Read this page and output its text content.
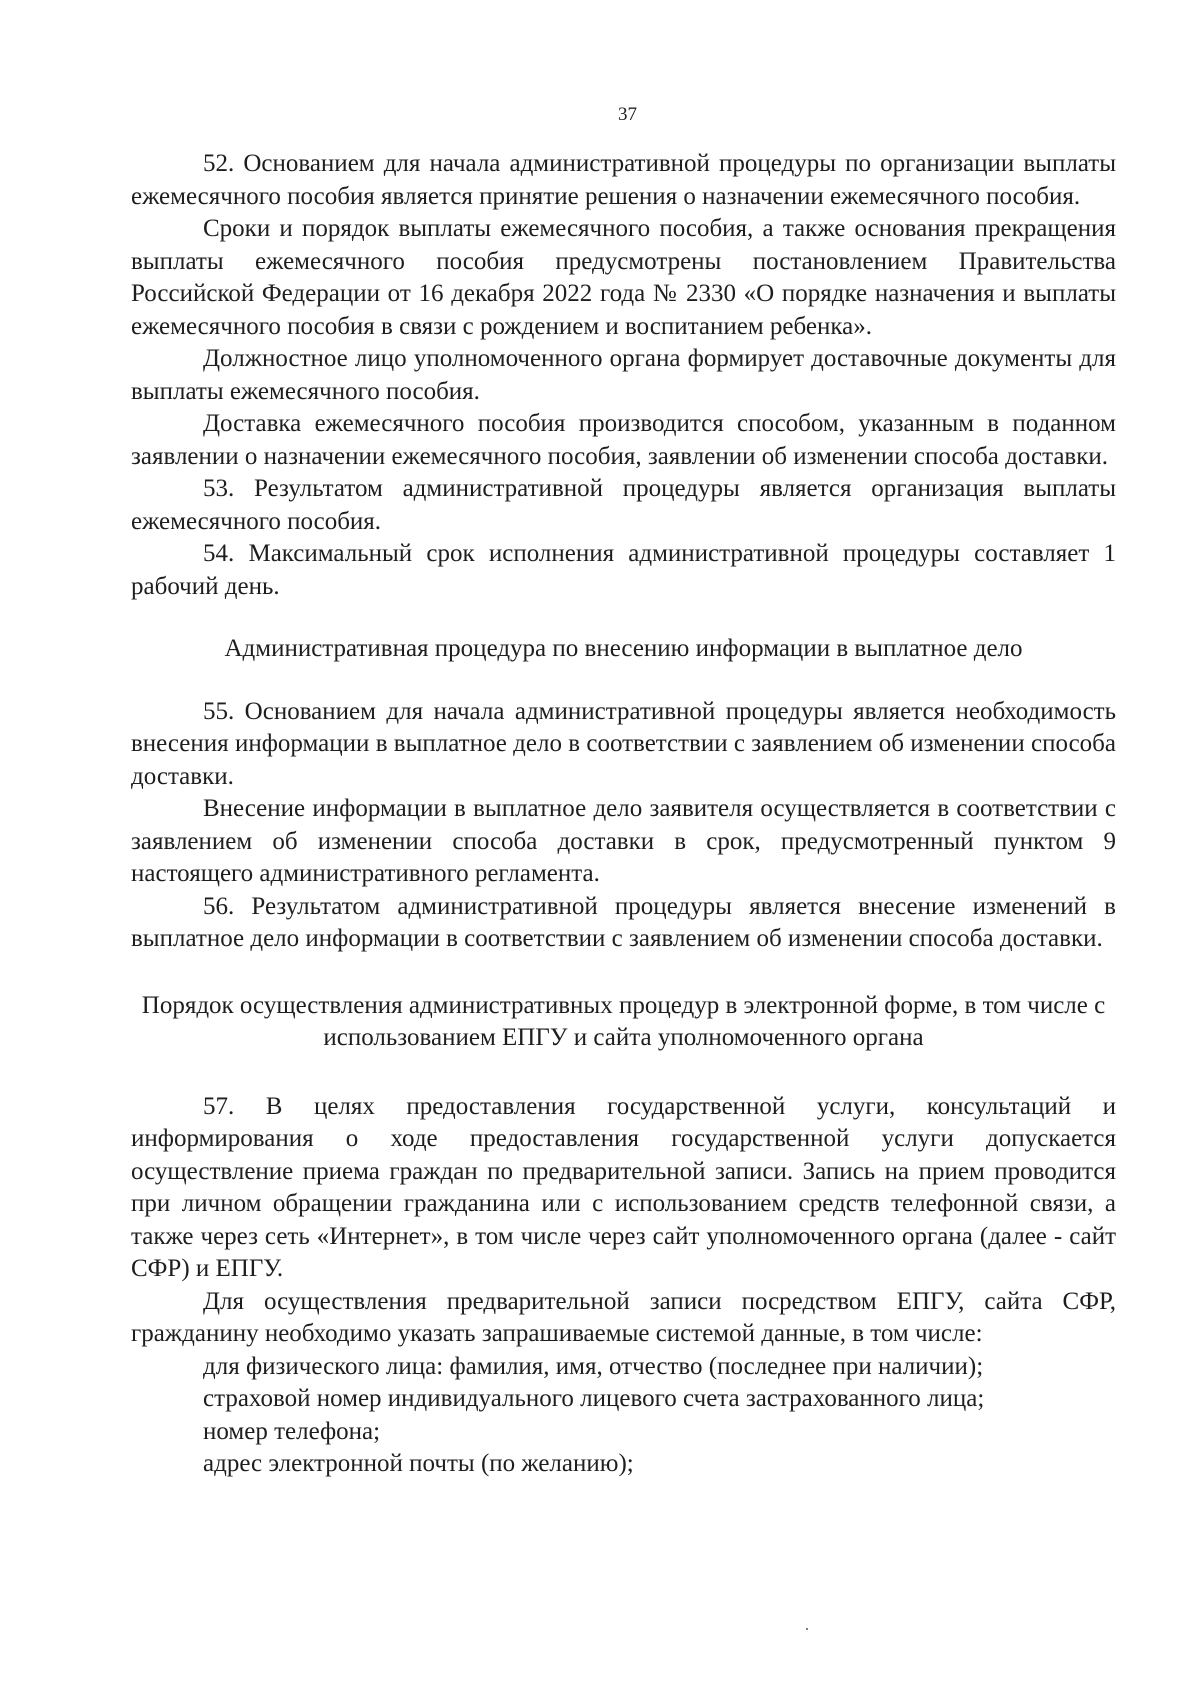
37

52. Основанием для начала административной процедуры по организации выплаты ежемесячного пособия является принятие решения о назначении ежемесячного пособия.

Сроки и порядок выплаты ежемесячного пособия, а также основания прекращения выплаты ежемесячного пособия предусмотрены постановлением Правительства Российской Федерации от 16 декабря 2022 года № 2330 «О порядке назначения и выплаты ежемесячного пособия в связи с рождением и воспитанием ребенка».

Должностное лицо уполномоченного органа формирует доставочные документы для выплаты ежемесячного пособия.

Доставка ежемесячного пособия производится способом, указанным в поданном заявлении о назначении ежемесячного пособия, заявлении об изменении способа доставки.

53. Результатом административной процедуры является организация выплаты ежемесячного пособия.

54. Максимальный срок исполнения административной процедуры составляет 1 рабочий день.

Административная процедура по внесению информации в выплатное дело

55. Основанием для начала административной процедуры является необходимость внесения информации в выплатное дело в соответствии с заявлением об изменении способа доставки.

Внесение информации в выплатное дело заявителя осуществляется в соответствии с заявлением об изменении способа доставки в срок, предусмотренный пунктом 9 настоящего административного регламента.

56. Результатом административной процедуры является внесение изменений в выплатное дело информации в соответствии с заявлением об изменении способа доставки.

Порядок осуществления административных процедур в электронной форме, в том числе с использованием ЕПГУ и сайта уполномоченного органа

57. В целях предоставления государственной услуги, консультаций и информирования о ходе предоставления государственной услуги допускается осуществление приема граждан по предварительной записи. Запись на прием проводится при личном обращении гражданина или с использованием средств телефонной связи, а также через сеть «Интернет», в том числе через сайт уполномоченного органа (далее - сайт СФР) и ЕПГУ.

Для осуществления предварительной записи посредством ЕПГУ, сайта СФР, гражданину необходимо указать запрашиваемые системой данные, в том числе:

для физического лица: фамилия, имя, отчество (последнее при наличии);

страховой номер индивидуального лицевого счета застрахованного лица;

номер телефона;

адрес электронной почты (по желанию);
